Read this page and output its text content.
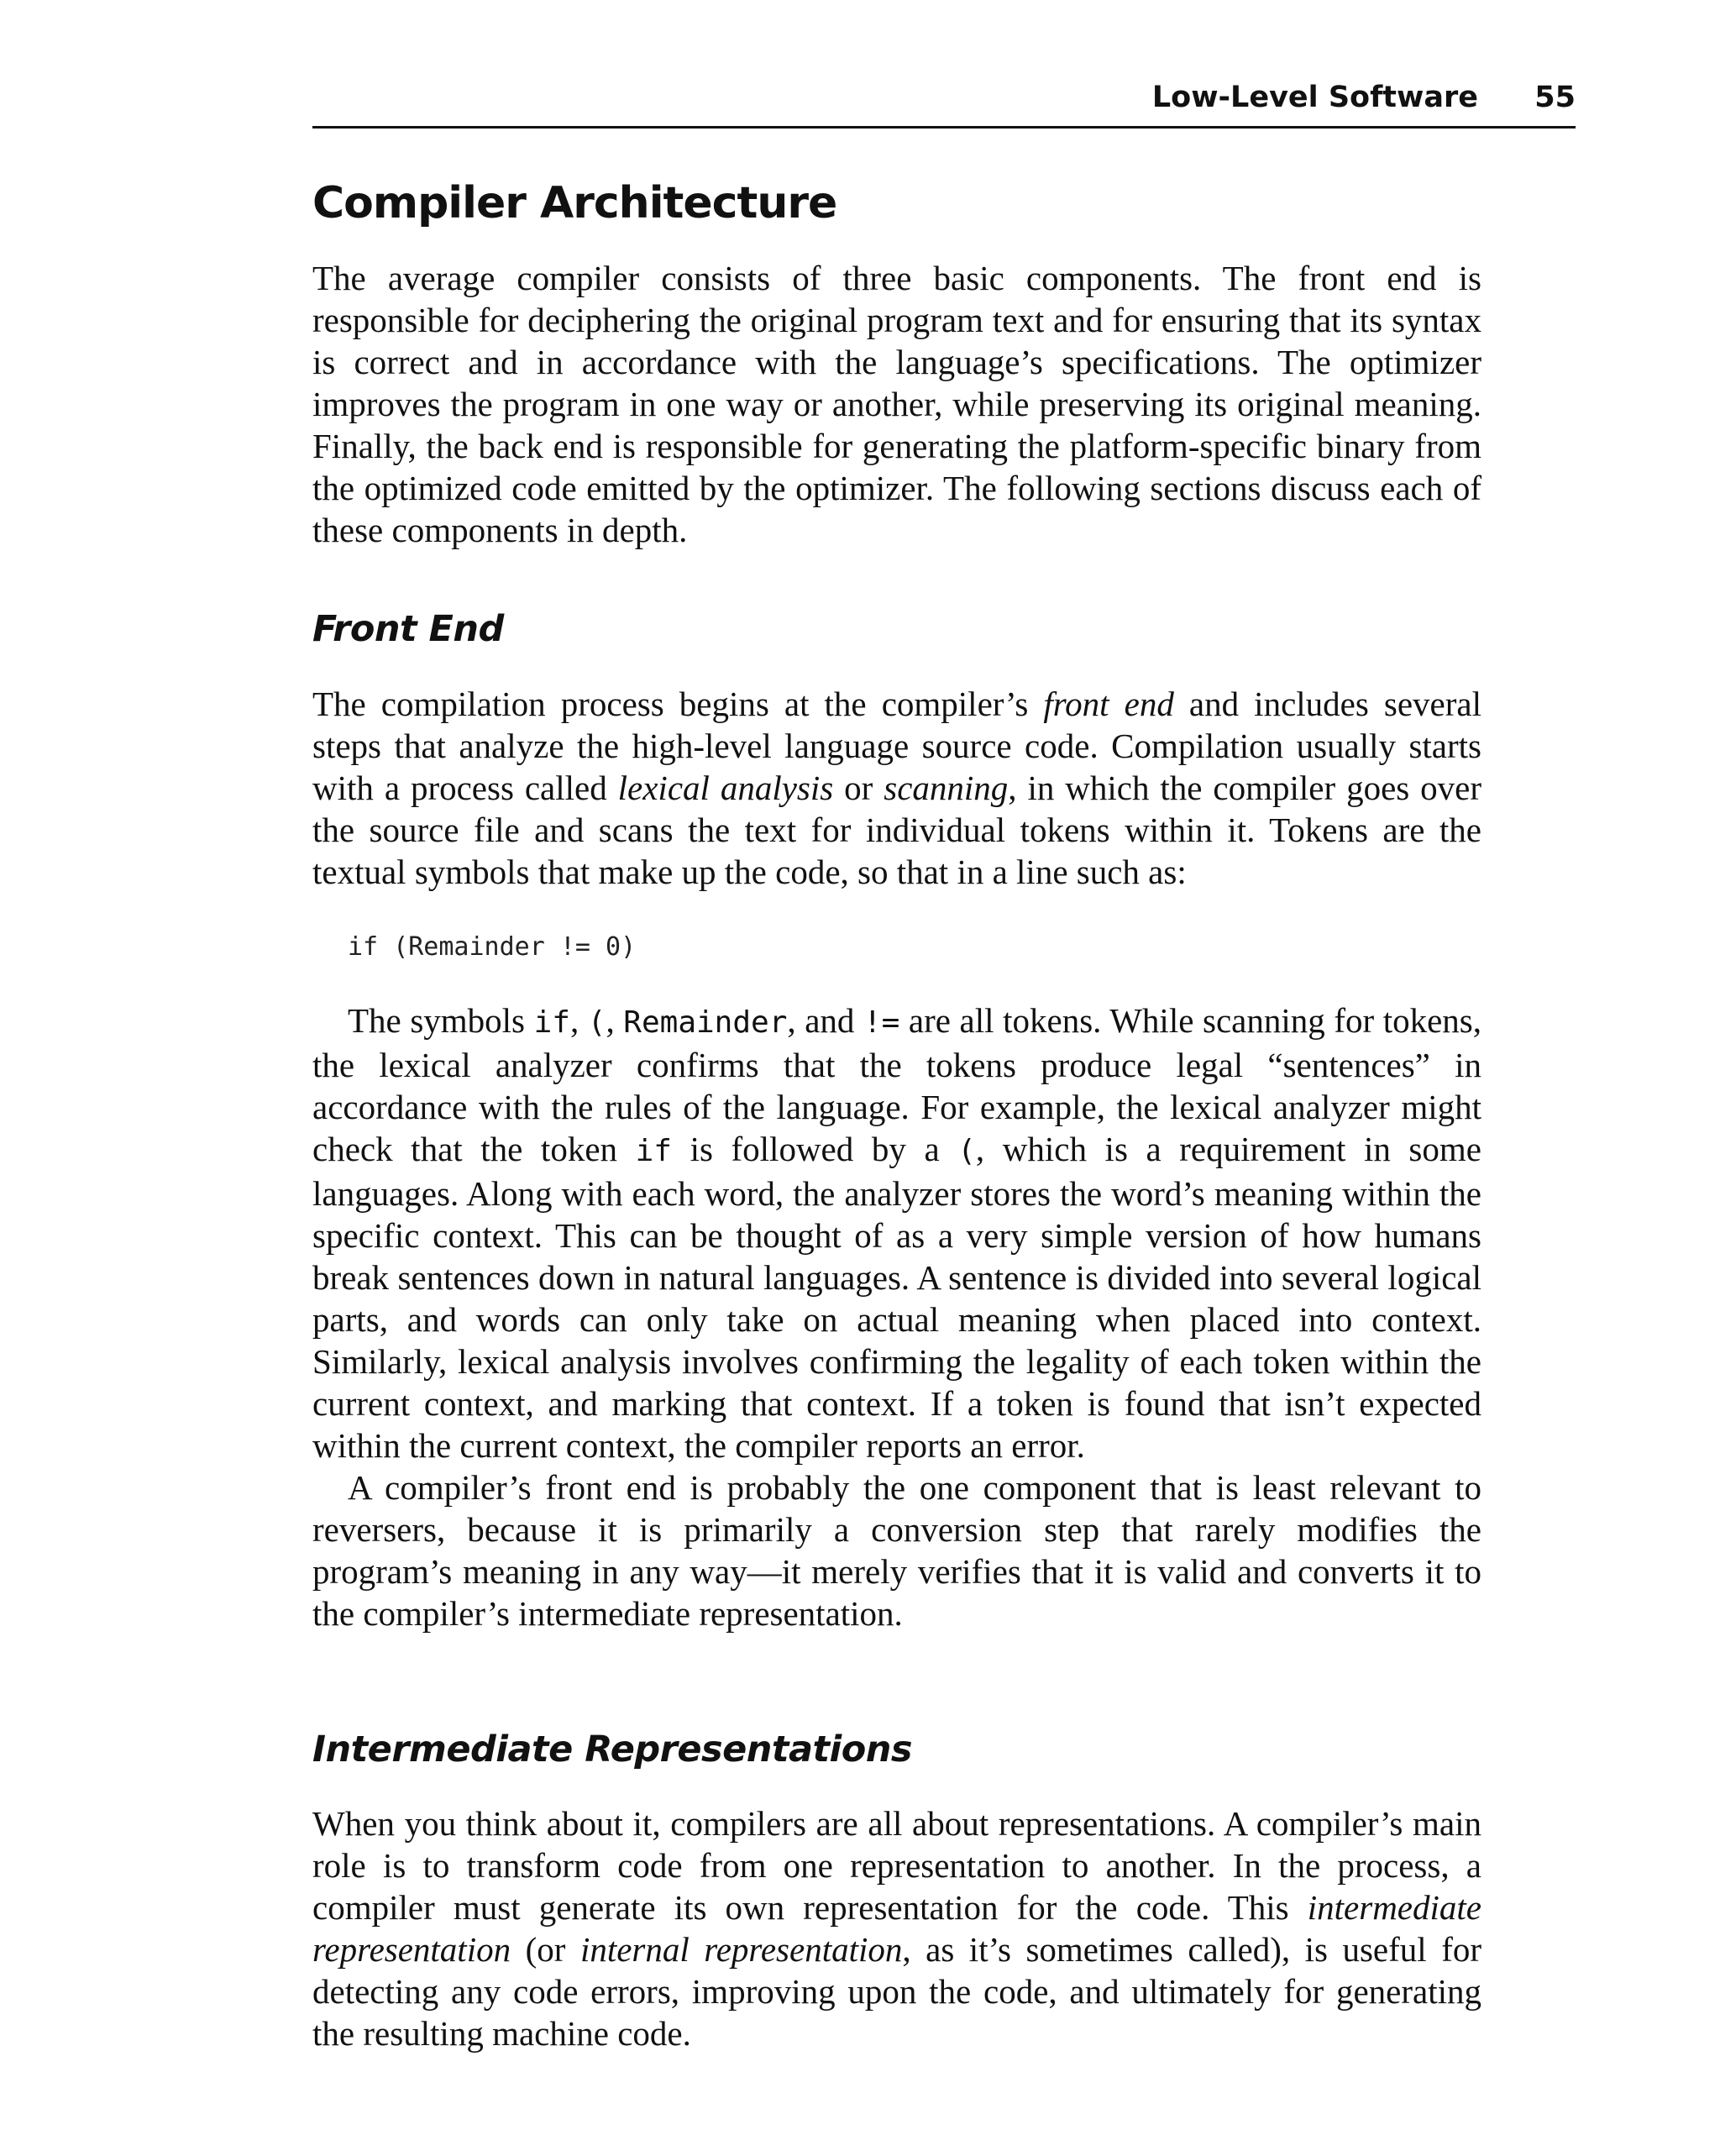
Low-Level Software 55
Compiler Architecture

The average compiler consists of three basic components. The front end is responsible for deciphering the original program text and for ensuring that its syntax is correct and in accordance with the language’s specifications. The optimizer improves the program in one way or another, while preserving its original meaning. Finally, the back end is responsible for generating the platform-specific binary from the optimized code emitted by the optimizer. The following sections discuss each of these components in depth.

Front End

The compilation process begins at the compiler’s front end and includes several steps that analyze the high-level language source code. Compilation usually starts with a process called lexical analysis or scanning, in which the compiler goes over the source file and scans the text for individual tokens within it. Tokens are the textual symbols that make up the code, so that in a line such as:

if (Remainder != 0)

The symbols if, (, Remainder, and != are all tokens. While scanning for tokens, the lexical analyzer confirms that the tokens produce legal “sentences” in accordance with the rules of the language. For example, the lexical analyzer might check that the token if is followed by a (, which is a requirement in some languages. Along with each word, the analyzer stores the word’s meaning within the specific context. This can be thought of as a very simple version of how humans break sentences down in natural languages. A sentence is divided into several logical parts, and words can only take on actual meaning when placed into context. Similarly, lexical analysis involves confirming the legality of each token within the current context, and marking that context. If a token is found that isn’t expected within the current context, the compiler reports an error.

A compiler’s front end is probably the one component that is least relevant to reversers, because it is primarily a conversion step that rarely modifies the program’s meaning in any way—it merely verifies that it is valid and converts it to the compiler’s intermediate representation.

Intermediate Representations

When you think about it, compilers are all about representations. A compiler’s main role is to transform code from one representation to another. In the process, a compiler must generate its own representation for the code. This intermediate representation (or internal representation, as it’s sometimes called), is useful for detecting any code errors, improving upon the code, and ultimately for generating the resulting machine code.
